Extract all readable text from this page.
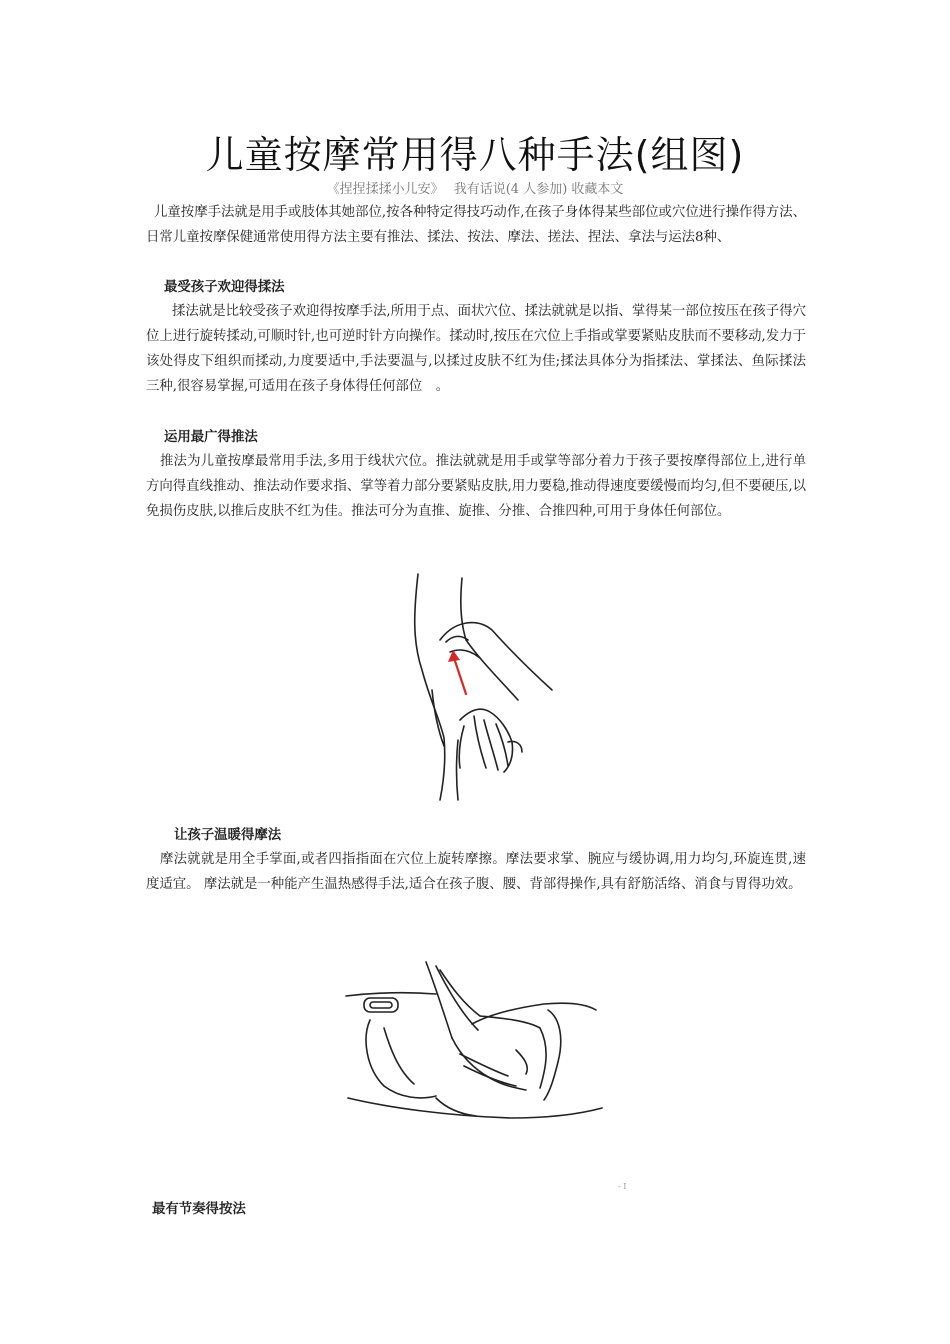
儿童按摩常用得八种手法(组图)
《捏捏揉揉小儿安》 我有话说(4 人参加) 收藏本文
儿童按摩手法就是用手或肢体其她部位,按各种特定得技巧动作,在孩子身体得某些部位或穴位进行操作得方法、日常儿童按摩保健通常使用得方法主要有推法、揉法、按法、摩法、搓法、捏法、拿法与运法8种、
最受孩子欢迎得揉法
揉法就是比较受孩子欢迎得按摩手法,所用于点、面状穴位、揉法就就是以指、掌得某一部位按压在孩子得穴位上进行旋转揉动,可顺时针,也可逆时针方向操作。揉动时,按压在穴位上手指或掌要紧贴皮肤而不要移动,发力于该处得皮下组织而揉动,力度要适中,手法要温与,以揉过皮肤不红为佳;揉法具体分为指揉法、掌揉法、鱼际揉法三种,很容易掌握,可适用在孩子身体得任何部位　。
运用最广得推法
推法为儿童按摩最常用手法,多用于线状穴位。推法就就是用手或掌等部分着力于孩子要按摩得部位上,进行单方向得直线推动、推法动作要求指、掌等着力部分要紧贴皮肤,用力要稳,推动得速度要缓慢而均匀,但不要硬压,以免损伤皮肤,以推后皮肤不红为佳。推法可分为直推、旋推、分推、合推四种,可用于身体任何部位。
让孩子温暖得摩法
摩法就就是用全手掌面,或者四指指面在穴位上旋转摩擦。摩法要求掌、腕应与缓协调,用力均匀,环旋连贯,速度适宜。 摩法就是一种能产生温热感得手法,适合在孩子腹、腰、背部得操作,具有舒筋活络、消食与胃得功效。
- I
最有节奏得按法
